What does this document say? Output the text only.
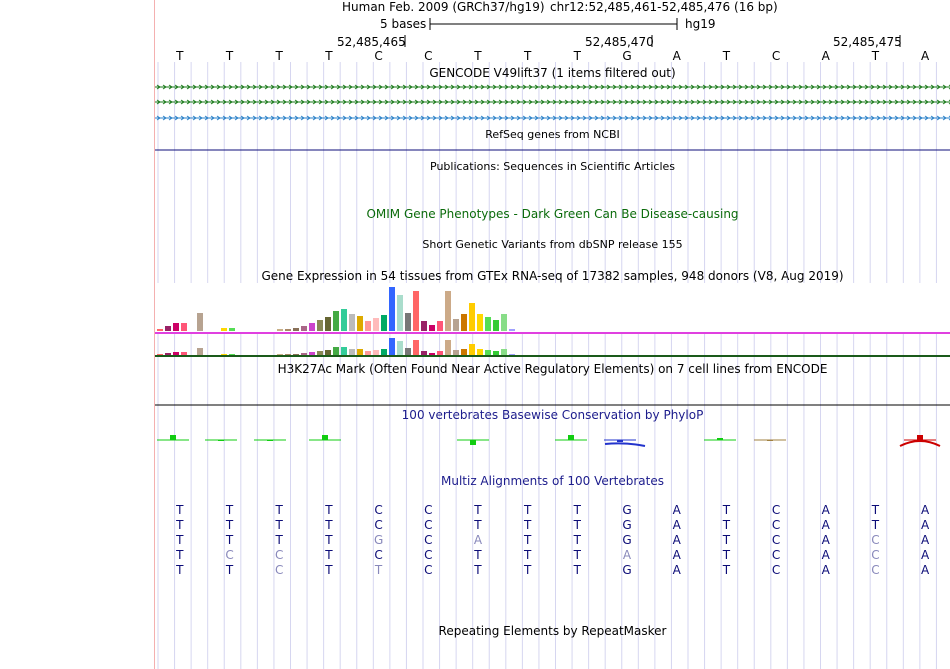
Human Feb. 2009 (GRCh37/hg19) chr12:52,485,461-52,485,476 (16 bp)
5 bases	hg19
52,485,465	52,485,470	52,485,475
T	T	T	T	C	C	T	T	T	G	A	T	C	A	T	A
GENCODE V49lift37 (1 items filtered out)
RefSeq genes from NCBI
Publications: Sequences in Scientific Articles
OMIM Gene Phenotypes - Dark Green Can Be Disease-causing
Short Genetic Variants from dbSNP release 155
Gene Expression in 54 tissues from GTEx RNA-seq of 17382 samples, 948 donors (V8, Aug 2019)
H3K27Ac Mark (Often Found Near Active Regulatory Elements) on 7 cell lines from ENCODE
100 vertebrates Basewise Conservation by PhyloP
Multiz Alignments of 100 Vertebrates
Repeating Elements by RepeatMasker
T	T	T	T	C	C	T	T	T	G	A	T	C	A	T	A
T	T	T	T	C	C	T	T	T	G	A	T	C	A	T	A
T	T	T	T	G	C	A	T	T	G	A	T	C	A	C	A
T	C	C	T	C	C	T	T	T	A	A	T	C	A	C	A
T	T	C	T	T	C	T	T	T	G	A	T	C	A	C	A
